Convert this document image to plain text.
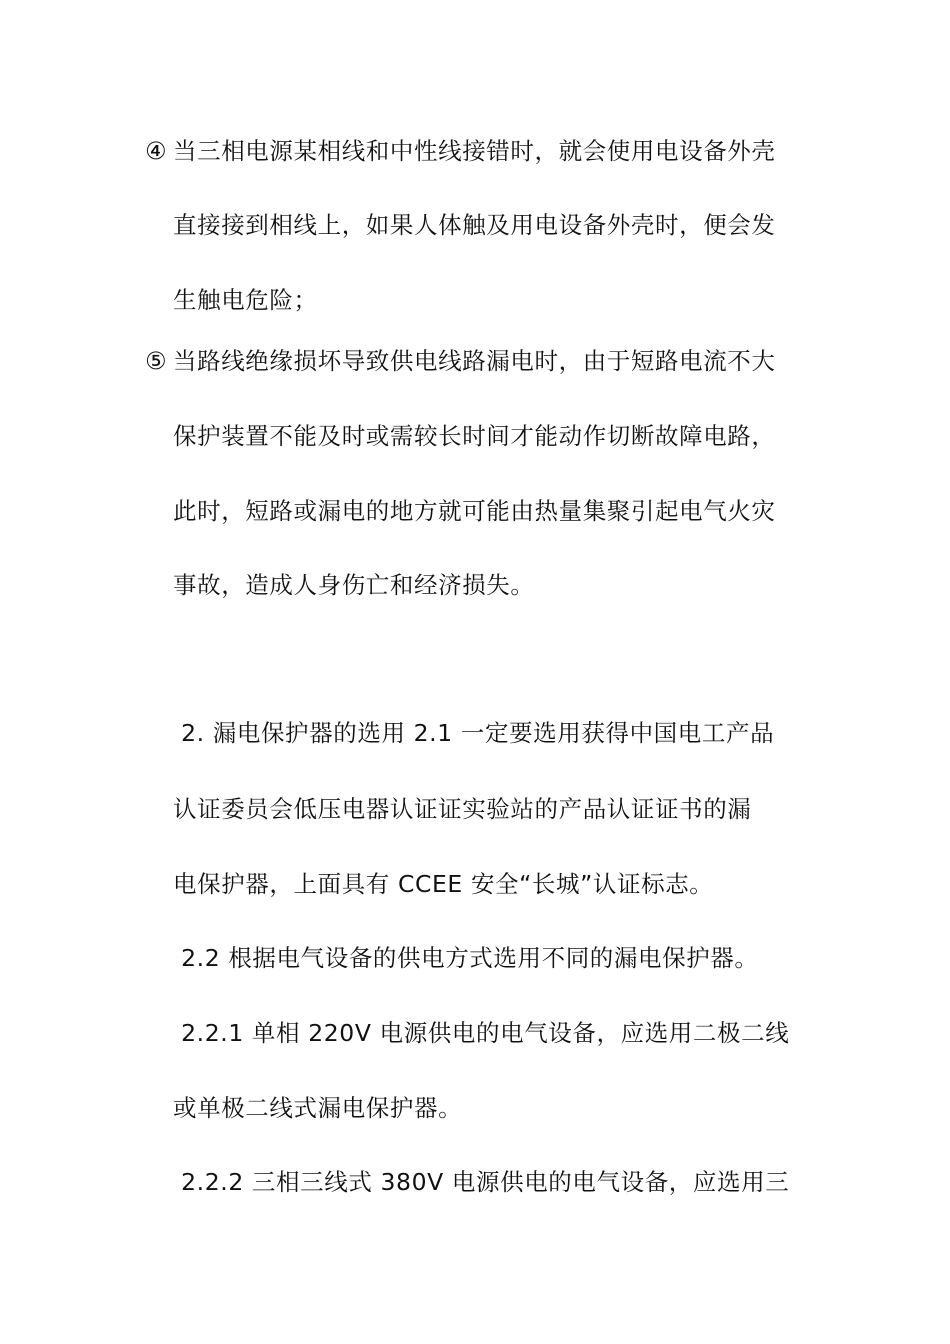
④ 当三相电源某相线和中性线接错时，就会使用电设备外壳
直接接到相线上，如果人体触及用电设备外壳时，便会发
生触电危险；
⑤ 当路线绝缘损坏导致供电线路漏电时，由于短路电流不大
保护装置不能及时或需较长时间才能动作切断故障电路，
此时，短路或漏电的地方就可能由热量集聚引起电气火灾
事故，造成人身伤亡和经济损失。
2. 漏电保护器的选用 2.1 一定要选用获得中国电工产品
认证委员会低压电器认证证实验站的产品认证证书的漏
电保护器，上面具有 CCEE 安全“长城”认证标志。
2.2 根据电气设备的供电方式选用不同的漏电保护器。
2.2.1 单相 220V 电源供电的电气设备，应选用二极二线
或单极二线式漏电保护器。
2.2.2 三相三线式 380V 电源供电的电气设备，应选用三
